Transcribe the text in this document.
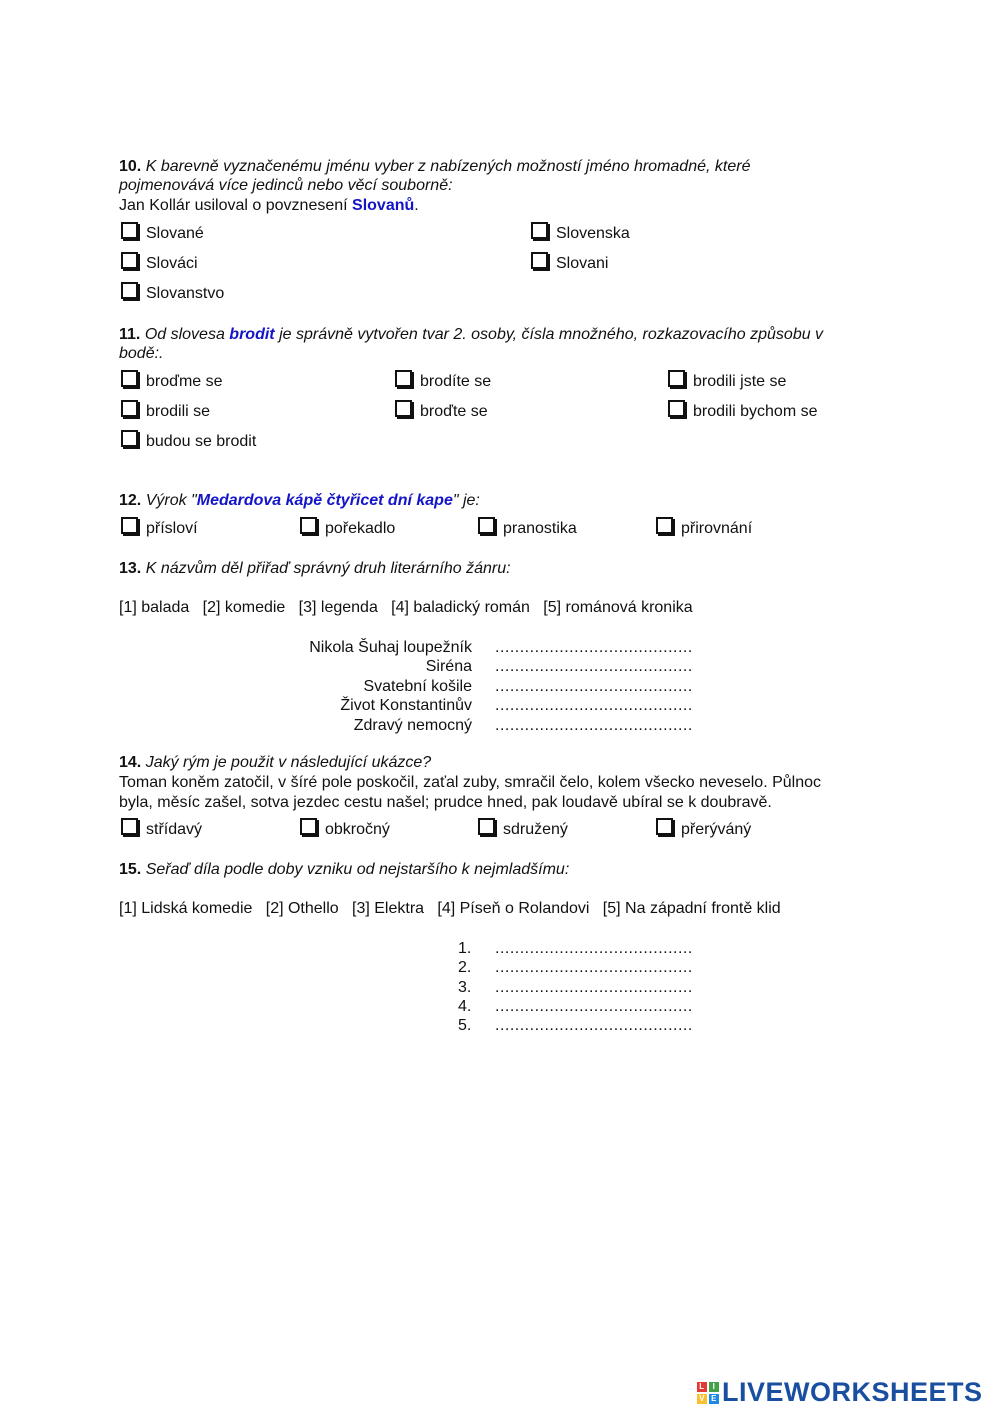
10. K barevně vyznačenému jménu vyber z nabízených možností jméno hromadné, které
pojmenovává více jedinců nebo věcí souborně:
Jan Kollár usiloval o povznesení Slovanů.
Slované	Slovenska
Slováci	Slovani
Slovanstvo
11. Od slovesa brodit je správně vytvořen tvar 2. osoby, čísla množného, rozkazovacího způsobu v
bodě:.
broďme se	brodíte se	brodili jste se
brodili se	broďte se	brodili bychom se
budou se brodit
12. Výrok "Medardova kápě čtyřicet dní kape" je:
přísloví	pořekadlo	pranostika	přirovnání
13. K názvům děl přiřaď správný druh literárního žánru:
[1] balada   [2] komedie   [3] legenda   [4] baladický román   [5] románová kronika
Nikola Šuhaj loupežník ........................................
Siréna ........................................
Svatební košile ........................................
Život Konstantinův ........................................
Zdravý nemocný ........................................
14. Jaký rým je použit v následující ukázce?
Toman koněm zatočil, v šíré pole poskočil, zaťal zuby, smračil čelo, kolem všecko neveselo. Půlnoc
byla, měsíc zašel, sotva jezdec cestu našel; prudce hned, pak loudavě ubíral se k doubravě.
střídavý	obkročný	sdružený	přerýváný
15. Seřaď díla podle doby vzniku od nejstaršího k nejmladšímu:
[1] Lidská komedie   [2] Othello   [3] Elektra   [4] Píseň o Rolandovi   [5] Na západní frontě klid
1. ........................................
2. ........................................
3. ........................................
4. ........................................
5. ........................................
L I
V E LIVEWORKSHEETS
